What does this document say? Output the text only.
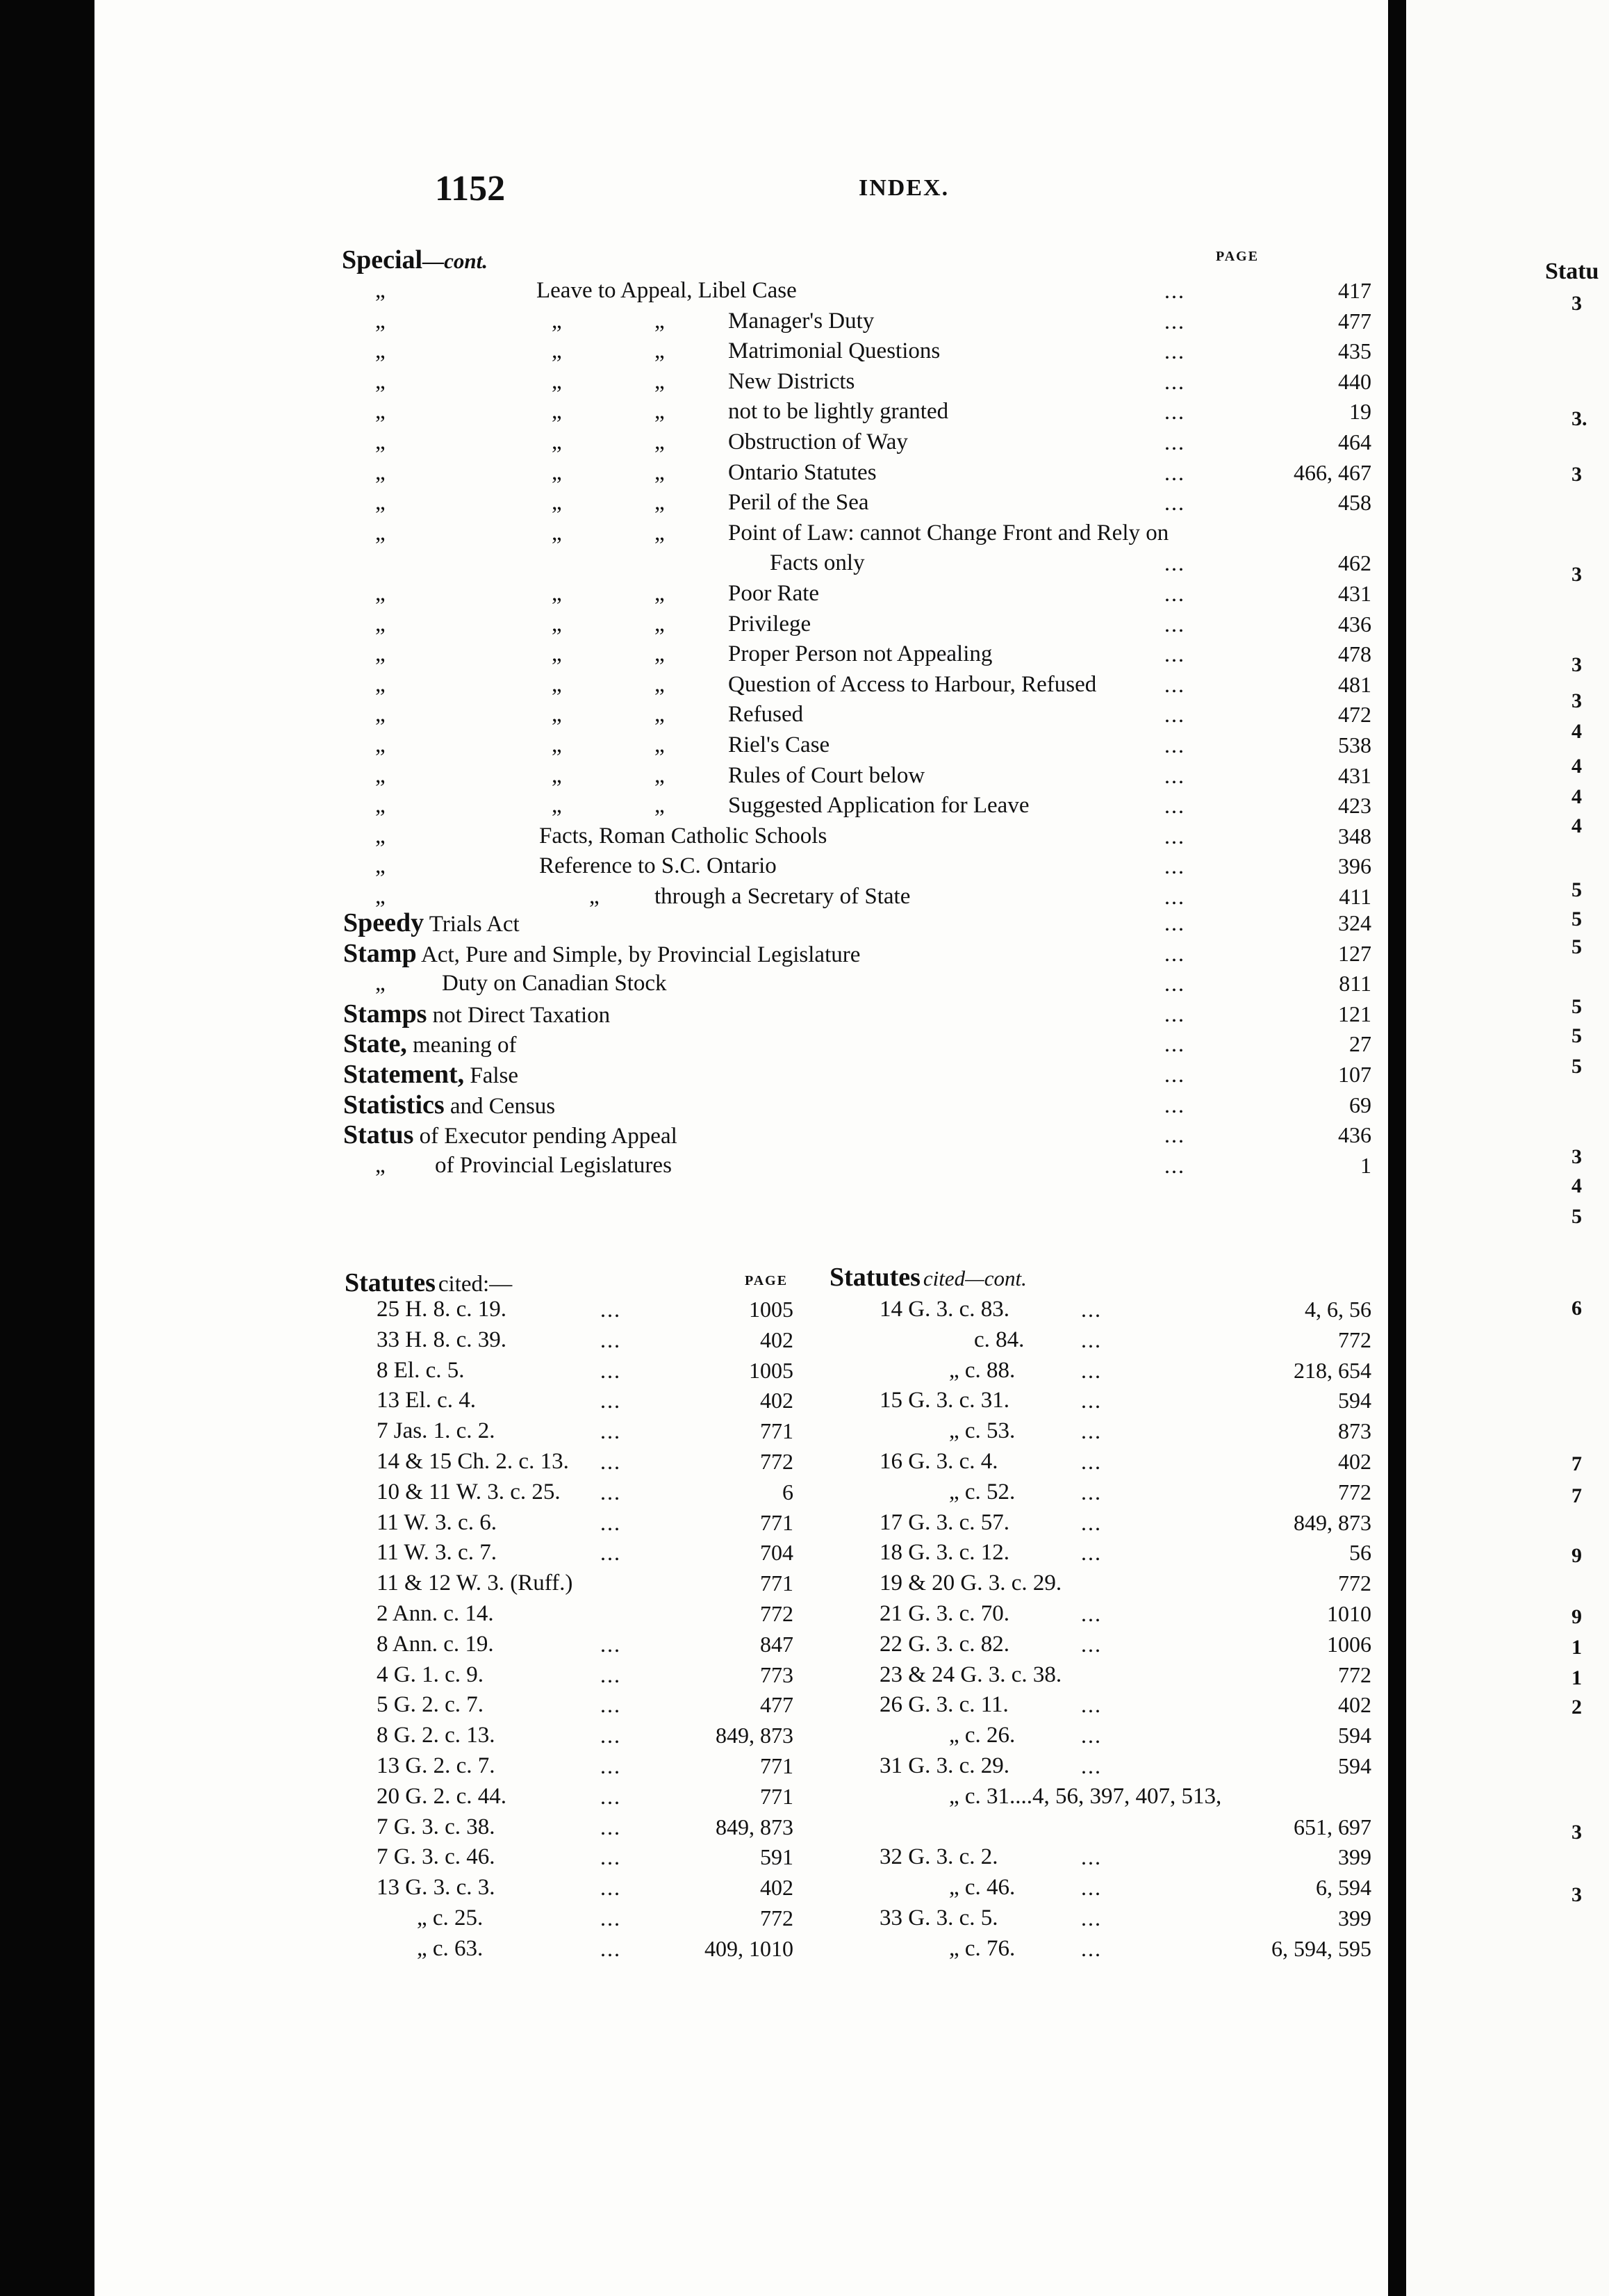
1152	INDEX.
PAGE
Special—cont.
„	Leave to Appeal, Libel Case	...	417
„	„	„	Manager's Duty	...	477
„	„	„	Matrimonial Questions	...	435
„	„	„	New Districts	...	440
„	„	„	not to be lightly granted	...	19
„	„	„	Obstruction of Way	...	464
„	„	„	Ontario Statutes	...	466, 467
„	„	„	Peril of the Sea	...	458
„	„	„	Point of Law: cannot Change Front and Rely on
Facts only	...	462
„	„	„	Poor Rate	...	431
„	„	„	Privilege	...	436
„	„	„	Proper Person not Appealing	...	478
„	„	„	Question of Access to Harbour, Refused	...	481
„	„	„	Refused	...	472
„	„	„	Riel's Case	...	538
„	„	„	Rules of Court below	...	431
„	„	„	Suggested Application for Leave	...	423
„	Facts, Roman Catholic Schools	...	348
„	Reference to S.C. Ontario	...	396
„	„ through a Secretary of State	...	411
Speedy Trials Act	...	324
Stamp Act, Pure and Simple, by Provincial Legislature	...	127
„ Duty on Canadian Stock	...	811
Stamps not Direct Taxation	...	121
State, meaning of	...	27
Statement, False	...	107
Statistics and Census	...	69
Status of Executor pending Appeal	...	436
„ of Provincial Legislatures	...	1
Statutes cited:—	PAGE Statutes cited—cont.
25 H. 8. c. 19.	...	1005
33 H. 8. c. 39.	...	402
8 El. c. 5.	...	1005
13 El. c. 4.	...	402
7 Jas. 1. c. 2.	...	771
14 & 15 Ch. 2. c. 13. ...	772
10 & 11 W. 3. c. 25. ...	6
11 W. 3. c. 6.	...	771
11 W. 3. c. 7.	...	704
11 & 12 W. 3. (Ruff.)	771
2 Ann. c. 14.	772
8 Ann. c. 19.	...	847
4 G. 1. c. 9.	...	773
5 G. 2. c. 7.	...	477
8 G. 2. c. 13.	...	849, 873
13 G. 2. c. 7.	...	771
20 G. 2. c. 44.	...	771
7 G. 3. c. 38.	...	849, 873
7 G. 3. c. 46.	...	591
13 G. 3. c. 3.	...	402
„ c. 25.	...	772
„ c. 63.	...	409, 1010
14 G. 3. c. 83.	...	4, 6, 56
c. 84.	...	772
„ c. 88.	...	218, 654
15 G. 3. c. 31.	...	594
„ c. 53.	...	873
16 G. 3. c. 4.	...	402
„ c. 52.	...	772
17 G. 3. c. 57.	...	849, 873
18 G. 3. c. 12.	...	56
19 & 20 G. 3. c. 29.	772
21 G. 3. c. 70.	...	1010
22 G. 3. c. 82.	...	1006
23 & 24 G. 3. c. 38.	772
26 G. 3. c. 11.	...	402
„ c. 26.	...	594
31 G. 3. c. 29.	...	594
„ c. 31....4, 56, 397, 407, 513,
651, 697
32 G. 3. c. 2.	...	399
„ c. 46.	...	6, 594
33 G. 3. c. 5.	...	399
„ c. 76.	...	6, 594, 595
Statu
3
3.
3
3
3
3
4
4
4
4
5
5
5
5
5
5
3
4
5
6
7
7
9
9
1
1
2
3
3
